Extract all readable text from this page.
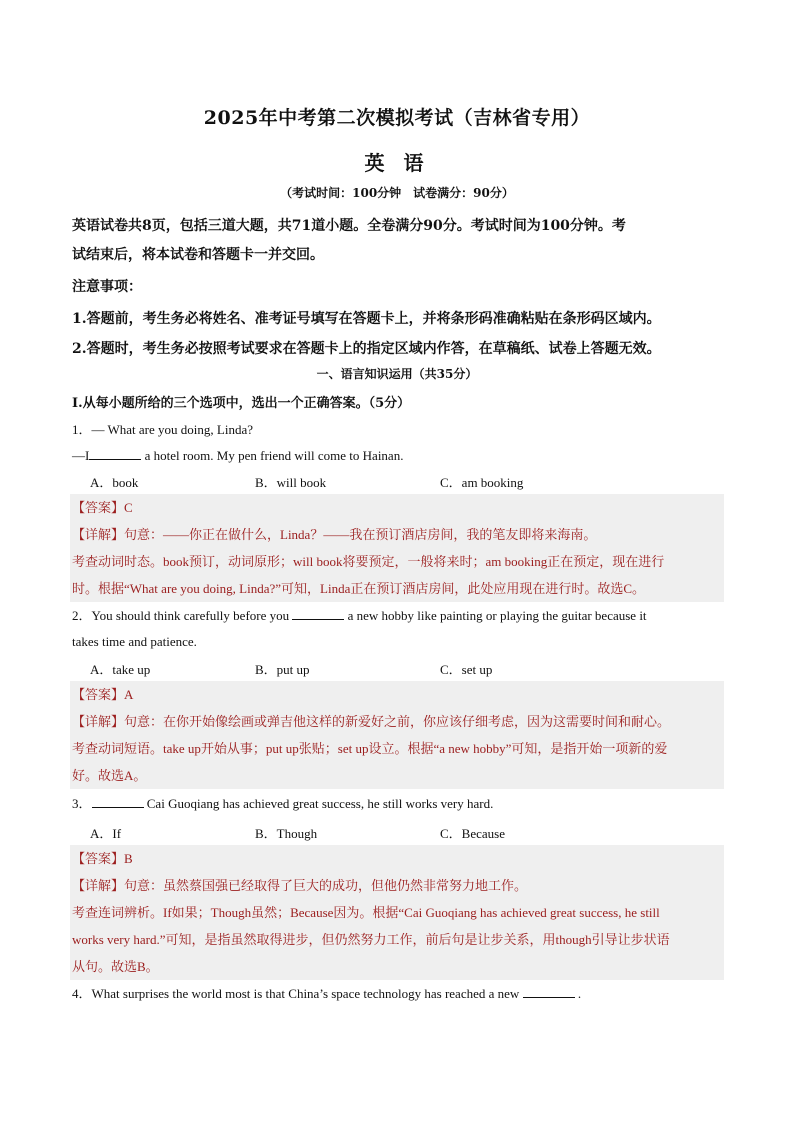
2025年中考第二次模拟考试（吉林省专用）
英 语
（考试时间：100分钟　试卷满分：90分）
英语试卷共8页，包括三道大题，共71道小题。全卷满分90分。考试时间为100分钟。考
试结束后，将本试卷和答题卡一并交回。
注意事项：
1.答题前，考生务必将姓名、准考证号填写在答题卡上，并将条形码准确粘贴在条形码区域内。
2.答题时，考生务必按照考试要求在答题卡上的指定区域内作答，在草稿纸、试卷上答题无效。
一、语言知识运用（共35分）
Ⅰ.从每小题所给的三个选项中，选出一个正确答案。（5分）
1．— What are you doing, Linda?
—I	a hotel room. My pen friend will come to Hainan.
A．book	B．will book	C．am booking
【答案】C
【详解】句意：——你正在做什么，Linda？——我在预订酒店房间，我的笔友即将来海南。
考查动词时态。book预订，动词原形；will book将要预定，一般将来时；am booking正在预定，现在进行
时。根据“What are you doing, Linda?”可知，Linda正在预订酒店房间，此处应用现在进行时。故选C。
2．You should think carefully before you	a new hobby like painting or playing the guitar because it
takes time and patience.
A．take up	B．put up	C．set up
【答案】A
【详解】句意：在你开始像绘画或弹吉他这样的新爱好之前，你应该仔细考虑，因为这需要时间和耐心。
考查动词短语。take up开始从事；put up张贴；set up设立。根据“a new hobby”可知，是指开始一项新的爱
好。故选A。
3．	Cai Guoqiang has achieved great success, he still works very hard.
A．If	B．Though	C．Because
【答案】B
【详解】句意：虽然蔡国强已经取得了巨大的成功，但他仍然非常努力地工作。
考查连词辨析。If如果；Though虽然；Because因为。根据“Cai Guoqiang has achieved great success, he still
works very hard.”可知，是指虽然取得进步，但仍然努力工作，前后句是让步关系，用though引导让步状语
从句。故选B。
4．What surprises the world most is that China’s space technology has reached a new	.
